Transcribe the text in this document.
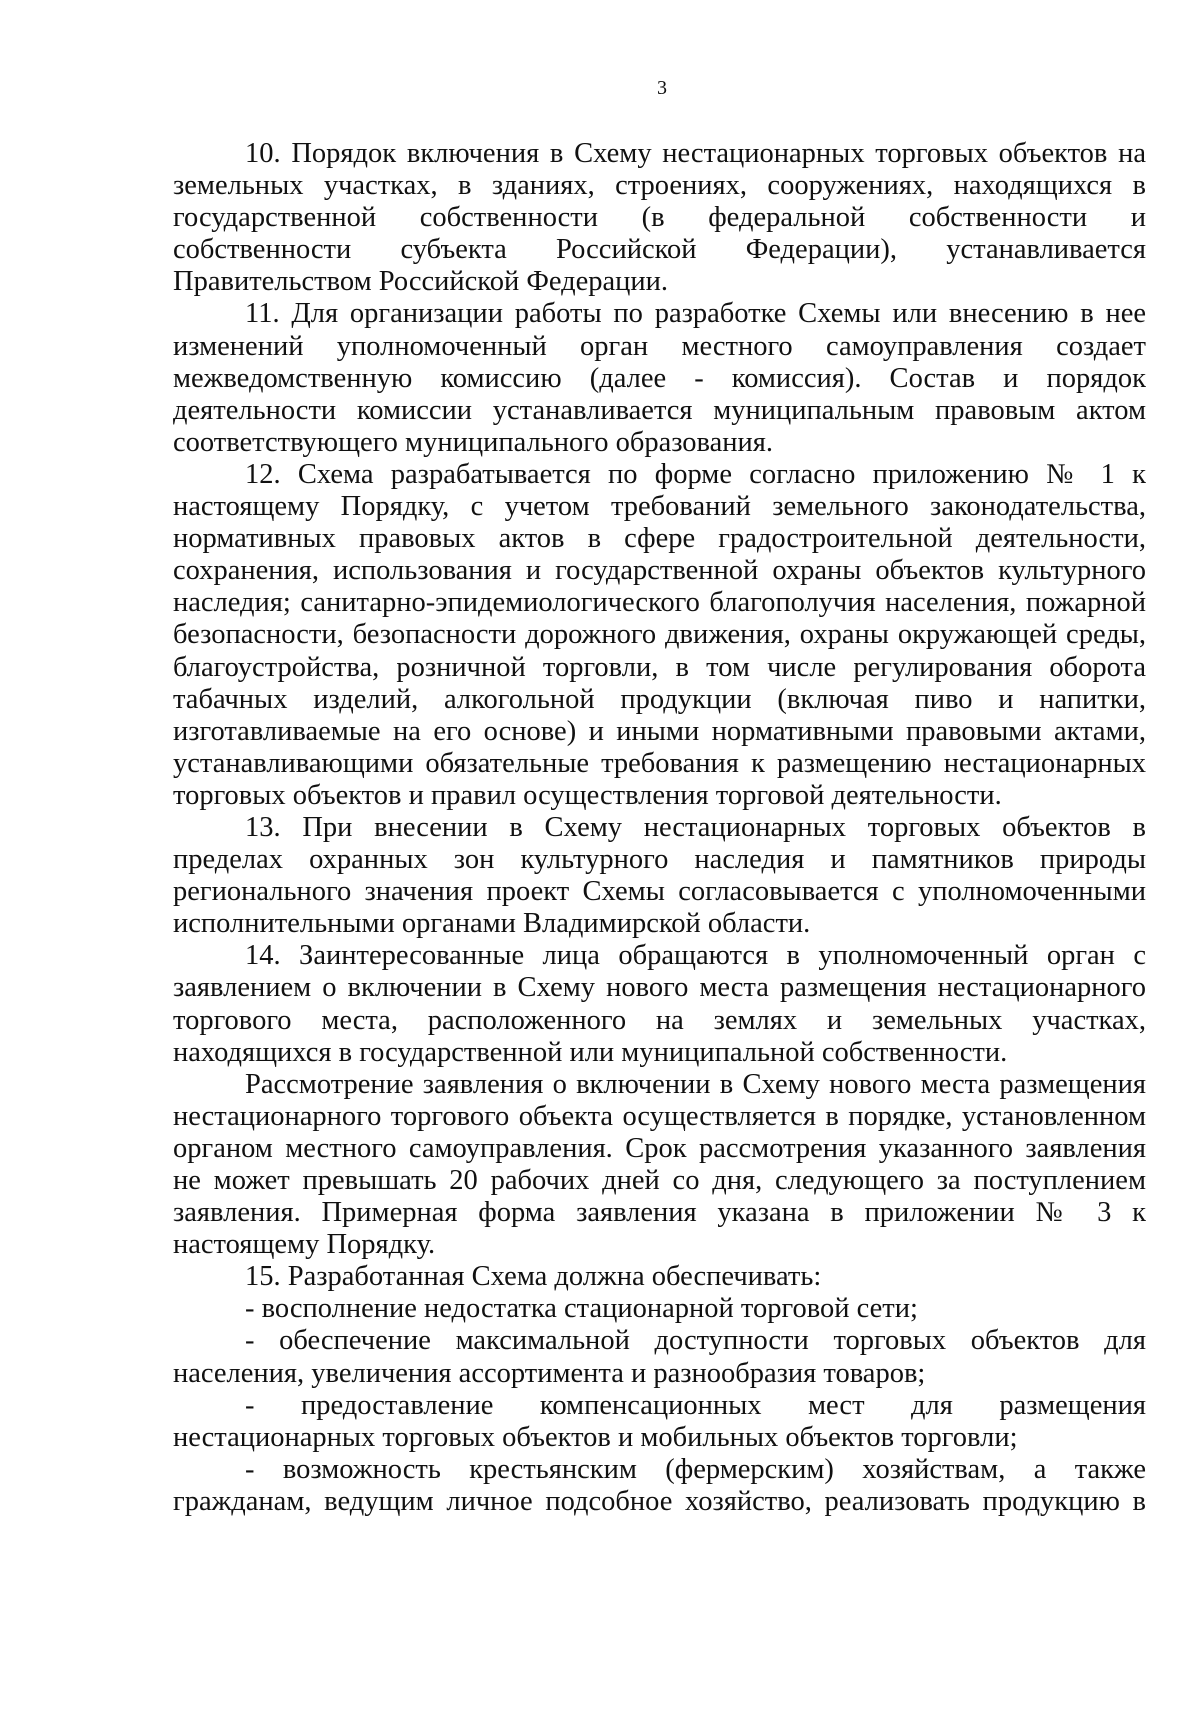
3

10. Порядок включения в Схему нестационарных торговых объектов на земельных участках, в зданиях, строениях, сооружениях, находящихся в государственной собственности (в федеральной собственности и собственности субъекта Российской Федерации), устанавливается Правительством Российской Федерации.

11. Для организации работы по разработке Схемы или внесению в нее изменений уполномоченный орган местного самоуправления создает межведомственную комиссию (далее - комиссия). Состав и порядок деятельности комиссии устанавливается муниципальным правовым актом соответствующего муниципального образования.

12. Схема разрабатывается по форме согласно приложению № 1 к настоящему Порядку, с учетом требований земельного законодательства, нормативных правовых актов в сфере градостроительной деятельности, сохранения, использования и государственной охраны объектов культурного наследия; санитарно-эпидемиологического благополучия населения, пожарной безопасности, безопасности дорожного движения, охраны окружающей среды, благоустройства, розничной торговли, в том числе регулирования оборота табачных изделий, алкогольной продукции (включая пиво и напитки, изготавливаемые на его основе) и иными нормативными правовыми актами, устанавливающими обязательные требования к размещению нестационарных торговых объектов и правил осуществления торговой деятельности.

13. При внесении в Схему нестационарных торговых объектов в пределах охранных зон культурного наследия и памятников природы регионального значения проект Схемы согласовывается с уполномоченными исполнительными органами Владимирской области.

14. Заинтересованные лица обращаются в уполномоченный орган с заявлением о включении в Схему нового места размещения нестационарного торгового места, расположенного на землях и земельных участках, находящихся в государственной или муниципальной собственности.

Рассмотрение заявления о включении в Схему нового места размещения нестационарного торгового объекта осуществляется в порядке, установленном органом местного самоуправления. Срок рассмотрения указанного заявления не может превышать 20 рабочих дней со дня, следующего за поступлением заявления. Примерная форма заявления указана в приложении № 3 к настоящему Порядку.

15. Разработанная Схема должна обеспечивать:

- восполнение недостатка стационарной торговой сети;

- обеспечение максимальной доступности торговых объектов для населения, увеличения ассортимента и разнообразия товаров;

- предоставление компенсационных мест для размещения нестационарных торговых объектов и мобильных объектов торговли;

- возможность крестьянским (фермерским) хозяйствам, а также гражданам, ведущим личное подсобное хозяйство, реализовать продукцию в
